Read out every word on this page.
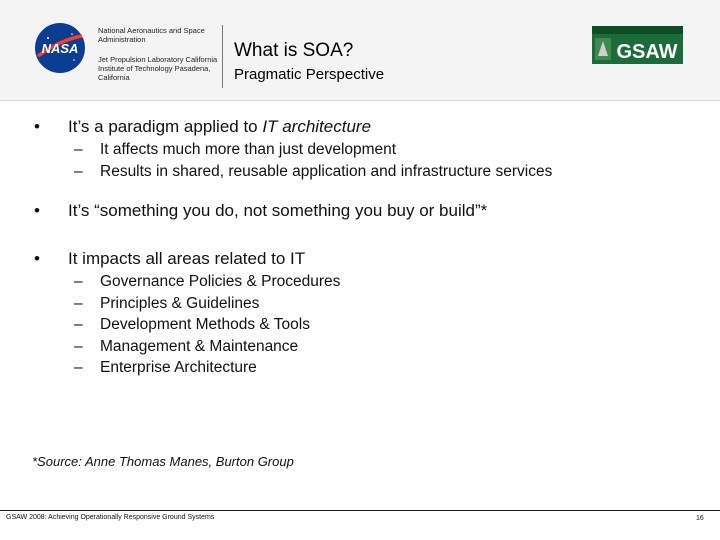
NASA
National Aeronautics and Space Administration
Jet Propulsion Laboratory California Institute of Technology Pasadena, California
What is SOA?
Pragmatic Perspective
GSAW
• It’s a paradigm applied to IT architecture
– It affects much more than just development
– Results in shared, reusable application and infrastructure services
• It’s “something you do, not something you buy or build”*
• It impacts all areas related to IT
– Governance Policies & Procedures
– Principles & Guidelines
– Development Methods & Tools
– Management & Maintenance
– Enterprise Architecture
*Source: Anne Thomas Manes, Burton Group
GSAW 2008: Achieving Operationally Responsive Ground Systems	16
